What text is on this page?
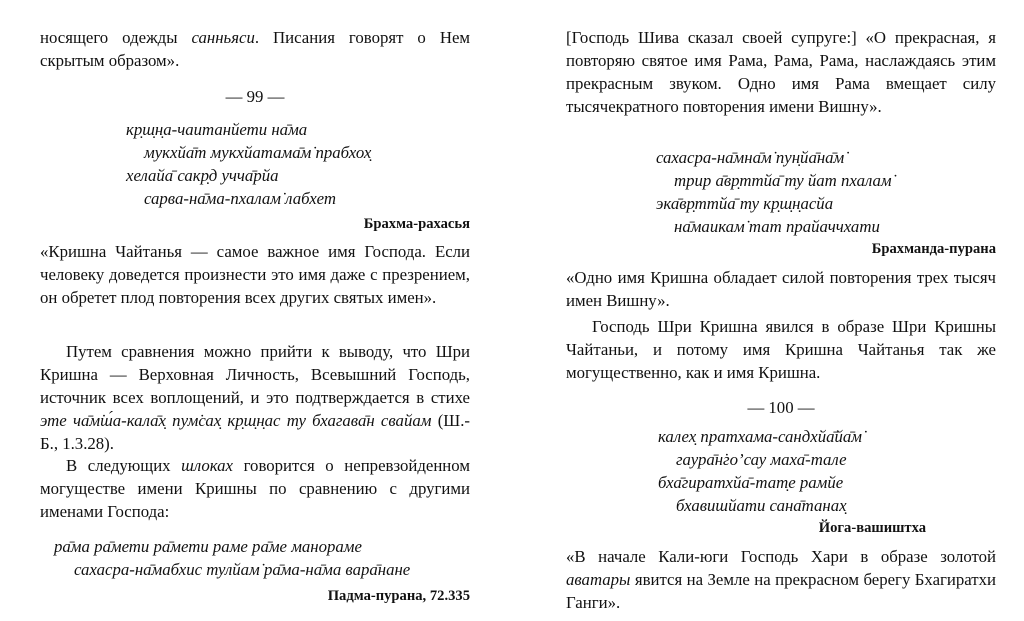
носящего одежды санньяси. Писания говорят о Нем скрытым образом».

— 99 —
кр̣ш̣н̣а-чаитанйети на̄ма
мукхйа̄т мукхйатама̄м̇ прабхох̣
хелайа̄ сакр̣д учча̄рйа
сарва-на̄ма-пхалам̇ лабхет
Брахма-рахасья

«Кришна Чайтанья — самое важное имя Господа. Если человеку доведется произнести это имя даже с презрением, он обретет плод повторения всех других святых имен».

Путем сравнения можно прийти к выводу, что Шри Кришна — Верховная Личность, Всевышний Господь, источник всех воплощений, и это подтверждается в стихе эте ча̄м̇ш́а-кала̄х̣ пум̇сах̣ кр̣ш̣н̣ас ту бхагава̄н свайам (Ш.-Б., 1.3.28).

В следующих шлоках говорится о непревзойденном могуществе имени Кришны по сравнению с другими именами Господа:

ра̄ма ра̄мети ра̄мети раме ра̄ме манораме
сахасра-на̄мабхис тулйам̇ ра̄ма-на̄ма вара̄нане
Падма-пурана, 72.335

[Господь Шива сказал своей супруге:] «О прекрасная, я повторяю святое имя Рама, Рама, Рама, наслаждаясь этим прекрасным звуком. Одно имя Рама вмещает силу тысячекратного повторения имени Вишну».

сахасра-на̄мна̄м̇ пун̣йа̄на̄м̇
трир а̄вр̣ттйа̄ ту йат пхалам̇
эка̄вр̣ттйа̄ ту кр̣ш̣н̣асйа
на̄маикам̇ тат прайаччхати
Брахманда-пурана

«Одно имя Кришна обладает силой повторения трех тысяч имен Вишну».

Господь Шри Кришна явился в образе Шри Кришны Чайтаньи, и потому имя Кришна Чайтанья так же могущественно, как и имя Кришна.

— 100 —
калех̣ пратхама-сандхйа̄йа̄м̇
гаура̄н̇го’сау маха̄-тале
бха̄гиратхйа̄-тат̣е рамйе
бхавишйати сана̄танах̣
Йога-вашиштха

«В начале Кали-юги Господь Хари в образе золотой аватары явится на Земле на прекрасном берегу Бхагиратхи Ганги».
